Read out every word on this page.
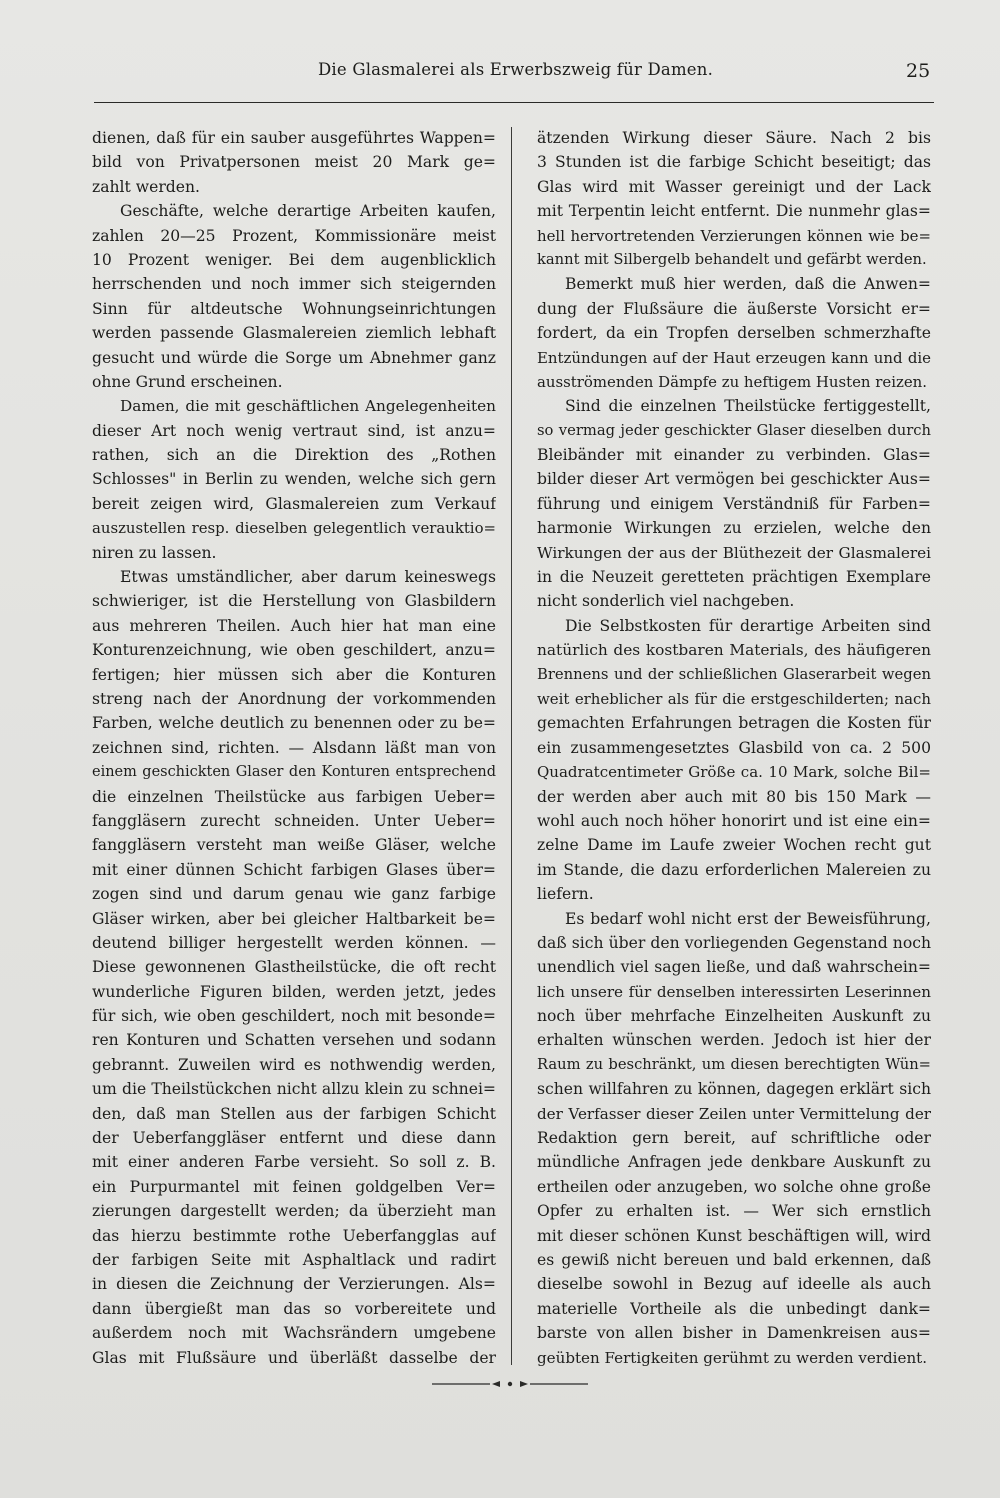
Die Glasmalerei als Erwerbszweig für Damen.	25
dienen, daß für ein sauber ausgeführtes Wappen=
bild von Privatpersonen meist 20 Mark ge=
zahlt werden.
Geschäfte, welche derartige Arbeiten kaufen,
zahlen 20—25 Prozent, Kommissionäre meist
10 Prozent weniger. Bei dem augenblicklich
herrschenden und noch immer sich steigernden
Sinn für altdeutsche Wohnungseinrichtungen
werden passende Glasmalereien ziemlich lebhaft
gesucht und würde die Sorge um Abnehmer ganz
ohne Grund erscheinen.
Damen, die mit geschäftlichen Angelegenheiten
dieser Art noch wenig vertraut sind, ist anzu=
rathen, sich an die Direktion des „Rothen
Schlosses" in Berlin zu wenden, welche sich gern
bereit zeigen wird, Glasmalereien zum Verkauf
auszustellen resp. dieselben gelegentlich verauktio=
niren zu lassen.
Etwas umständlicher, aber darum keineswegs
schwieriger, ist die Herstellung von Glasbildern
aus mehreren Theilen. Auch hier hat man eine
Konturenzeichnung, wie oben geschildert, anzu=
fertigen; hier müssen sich aber die Konturen
streng nach der Anordnung der vorkommenden
Farben, welche deutlich zu benennen oder zu be=
zeichnen sind, richten. — Alsdann läßt man von
einem geschickten Glaser den Konturen entsprechend
die einzelnen Theilstücke aus farbigen Ueber=
fanggläsern zurecht schneiden. Unter Ueber=
fanggläsern versteht man weiße Gläser, welche
mit einer dünnen Schicht farbigen Glases über=
zogen sind und darum genau wie ganz farbige
Gläser wirken, aber bei gleicher Haltbarkeit be=
deutend billiger hergestellt werden können. —
Diese gewonnenen Glastheilstücke, die oft recht
wunderliche Figuren bilden, werden jetzt, jedes
für sich, wie oben geschildert, noch mit besonde=
ren Konturen und Schatten versehen und sodann
gebrannt. Zuweilen wird es nothwendig werden,
um die Theilstückchen nicht allzu klein zu schnei=
den, daß man Stellen aus der farbigen Schicht
der Ueberfanggläser entfernt und diese dann
mit einer anderen Farbe versieht. So soll z. B.
ein Purpurmantel mit feinen goldgelben Ver=
zierungen dargestellt werden; da überzieht man
das hierzu bestimmte rothe Ueberfangglas auf
der farbigen Seite mit Asphaltlack und radirt
in diesen die Zeichnung der Verzierungen. Als=
dann übergießt man das so vorbereitete und
außerdem noch mit Wachsrändern umgebene
Glas mit Flußsäure und überläßt dasselbe der
ätzenden Wirkung dieser Säure. Nach 2 bis
3 Stunden ist die farbige Schicht beseitigt; das
Glas wird mit Wasser gereinigt und der Lack
mit Terpentin leicht entfernt. Die nunmehr glas=
hell hervortretenden Verzierungen können wie be=
kannt mit Silbergelb behandelt und gefärbt werden.
Bemerkt muß hier werden, daß die Anwen=
dung der Flußsäure die äußerste Vorsicht er=
fordert, da ein Tropfen derselben schmerzhafte
Entzündungen auf der Haut erzeugen kann und die
ausströmenden Dämpfe zu heftigem Husten reizen.
Sind die einzelnen Theilstücke fertiggestellt,
so vermag jeder geschickter Glaser dieselben durch
Bleibänder mit einander zu verbinden. Glas=
bilder dieser Art vermögen bei geschickter Aus=
führung und einigem Verständniß für Farben=
harmonie Wirkungen zu erzielen, welche den
Wirkungen der aus der Blüthezeit der Glasmalerei
in die Neuzeit geretteten prächtigen Exemplare
nicht sonderlich viel nachgeben.
Die Selbstkosten für derartige Arbeiten sind
natürlich des kostbaren Materials, des häufigeren
Brennens und der schließlichen Glaserarbeit wegen
weit erheblicher als für die erstgeschilderten; nach
gemachten Erfahrungen betragen die Kosten für
ein zusammengesetztes Glasbild von ca. 2 500
Quadratcentimeter Größe ca. 10 Mark, solche Bil=
der werden aber auch mit 80 bis 150 Mark —
wohl auch noch höher honorirt und ist eine ein=
zelne Dame im Laufe zweier Wochen recht gut
im Stande, die dazu erforderlichen Malereien zu
liefern.
Es bedarf wohl nicht erst der Beweisführung,
daß sich über den vorliegenden Gegenstand noch
unendlich viel sagen ließe, und daß wahrschein=
lich unsere für denselben interessirten Leserinnen
noch über mehrfache Einzelheiten Auskunft zu
erhalten wünschen werden. Jedoch ist hier der
Raum zu beschränkt, um diesen berechtigten Wün=
schen willfahren zu können, dagegen erklärt sich
der Verfasser dieser Zeilen unter Vermittelung der
Redaktion gern bereit, auf schriftliche oder
mündliche Anfragen jede denkbare Auskunft zu
ertheilen oder anzugeben, wo solche ohne große
Opfer zu erhalten ist. — Wer sich ernstlich
mit dieser schönen Kunst beschäftigen will, wird
es gewiß nicht bereuen und bald erkennen, daß
dieselbe sowohl in Bezug auf ideelle als auch
materielle Vortheile als die unbedingt dank=
barste von allen bisher in Damenkreisen aus=
geübten Fertigkeiten gerühmt zu werden verdient.
